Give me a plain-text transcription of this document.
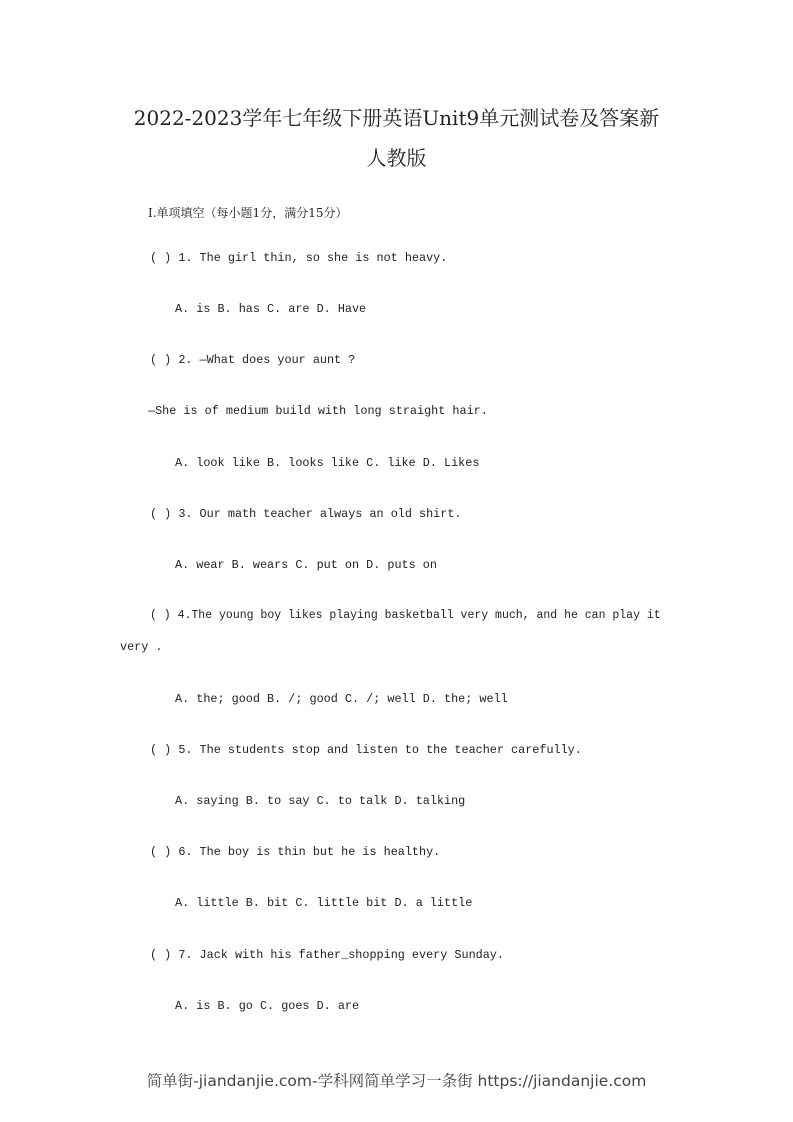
2022-2023学年七年级下册英语Unit9单元测试卷及答案新
人教版
I.单项填空（每小题1分，满分15分）
( ) 1. The girl thin, so she is not heavy.
A. is B. has C. are D. Have
( ) 2. —What does your aunt ?
—She is of medium build with long straight hair.
A. look like B. looks like C. like D. Likes
( ) 3. Our math teacher always an old shirt.
A. wear B. wears C. put on D. puts on
( ) 4.The young boy likes playing basketball very much, and he can play it
very .
A. the; good B. /; good C. /; well D. the; well
( ) 5. The students stop and listen to the teacher carefully.
A. saying B. to say C. to talk D. talking
( ) 6. The boy is thin but he is healthy.
A. little B. bit C. little bit D. a little
( ) 7. Jack with his father_shopping every Sunday.
A. is B. go C. goes D. are
简单街-jiandanjie.com-学科网简单学习一条街 https://jiandanjie.com
